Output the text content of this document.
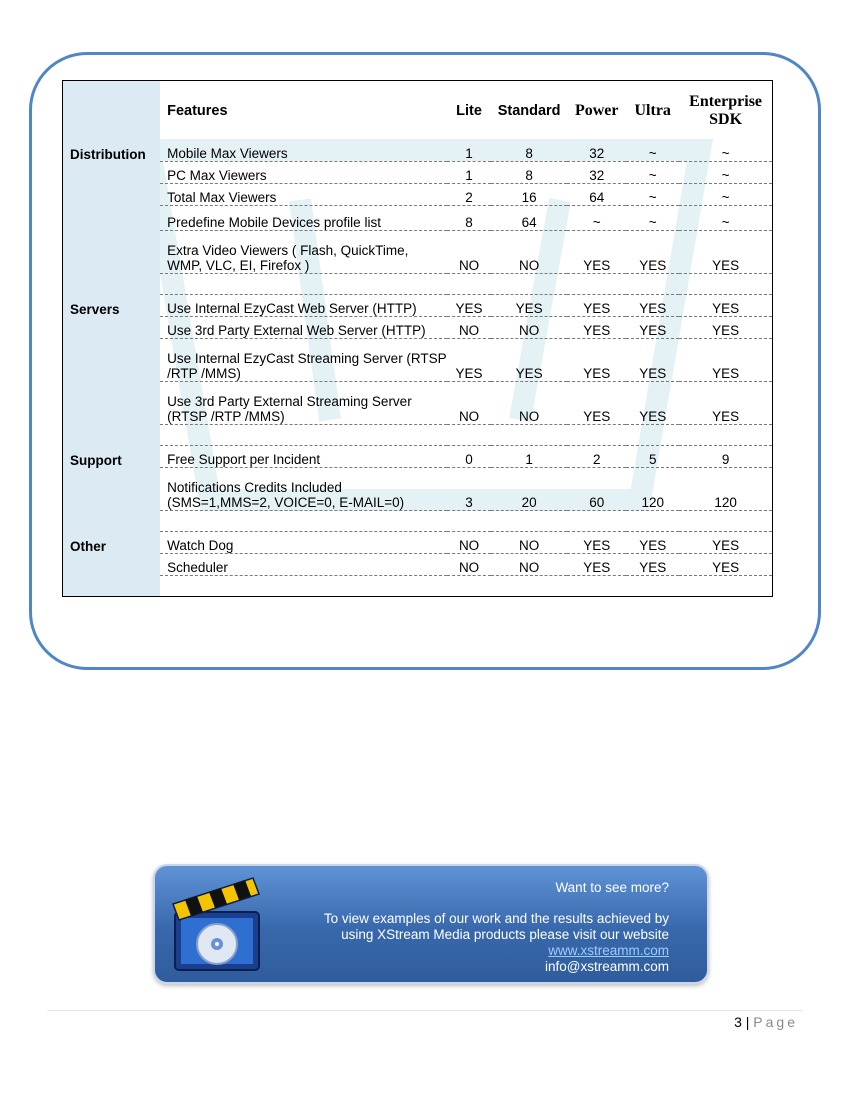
	Features	Lite	Standard	Power	Ultra	Enterprise
SDK

Distribution	Mobile Max Viewers	1	8	32	~	~
	PC Max Viewers	1	8	32	~	~
	Total Max Viewers	2	16	64	~	~
	Predefine Mobile Devices profile list	8	64	~	~	~

	Extra Video Viewers ( Flash, QuickTime,
WMP, VLC, EI, Firefox )	NO	NO	YES	YES	YES

Servers	Use Internal EzyCast Web Server (HTTP)	YES	YES	YES	YES	YES
	Use 3rd Party External Web Server (HTTP)	NO	NO	YES	YES	YES

	Use Internal EzyCast Streaming Server (RTSP
/RTP /MMS)	YES	YES	YES	YES	YES

	Use 3rd Party External Streaming Server
(RTSP /RTP /MMS)	NO	NO	YES	YES	YES

Support	Free Support per Incident	0	1	2	5	9

	Notifications Credits Included
(SMS=1,MMS=2, VOICE=0, E-MAIL=0)	3	20	60	120	120

Other	Watch Dog	NO	NO	YES	YES	YES
	Scheduler	NO	NO	YES	YES	YES

Want to see more?
To view examples of our work and the results achieved by
using XStream Media products please visit our website
www.xstreamm.com
info@xstreamm.com
3 | Page
